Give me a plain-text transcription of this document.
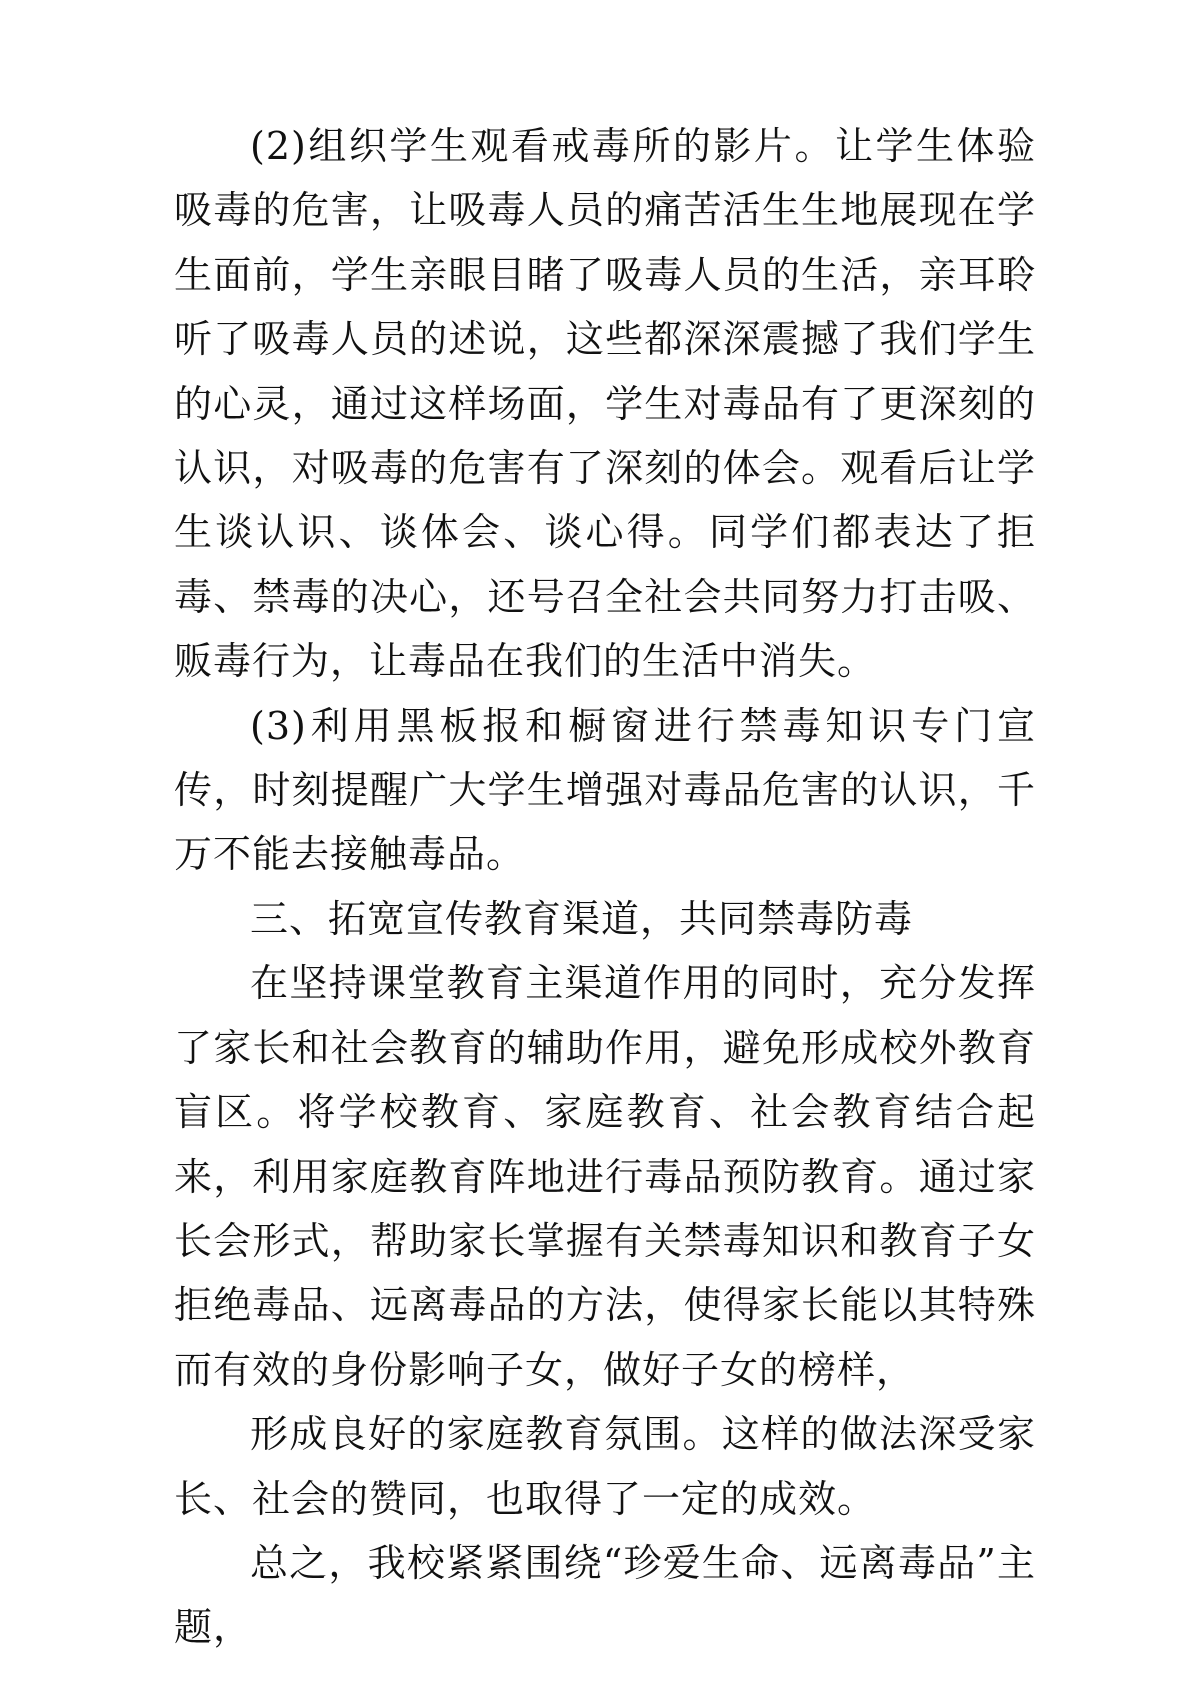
(2)组织学生观看戒毒所的影片。让学生体验吸毒的危害，让吸毒人员的痛苦活生生地展现在学生面前，学生亲眼目睹了吸毒人员的生活，亲耳聆听了吸毒人员的述说，这些都深深震撼了我们学生的心灵，通过这样场面，学生对毒品有了更深刻的认识，对吸毒的危害有了深刻的体会。观看后让学生谈认识、谈体会、谈心得。同学们都表达了拒毒、禁毒的决心，还号召全社会共同努力打击吸、贩毒行为，让毒品在我们的生活中消失。

(3)利用黑板报和橱窗进行禁毒知识专门宣传，时刻提醒广大学生增强对毒品危害的认识，千万不能去接触毒品。

三、拓宽宣传教育渠道，共同禁毒防毒

在坚持课堂教育主渠道作用的同时，充分发挥了家长和社会教育的辅助作用，避免形成校外教育盲区。将学校教育、家庭教育、社会教育结合起来，利用家庭教育阵地进行毒品预防教育。通过家长会形式，帮助家长掌握有关禁毒知识和教育子女拒绝毒品、远离毒品的方法，使得家长能以其特殊而有效的身份影响子女，做好子女的榜样，

形成良好的家庭教育氛围。这样的做法深受家长、社会的赞同，也取得了一定的成效。

总之，我校紧紧围绕“珍爱生命、远离毒品”主题，
